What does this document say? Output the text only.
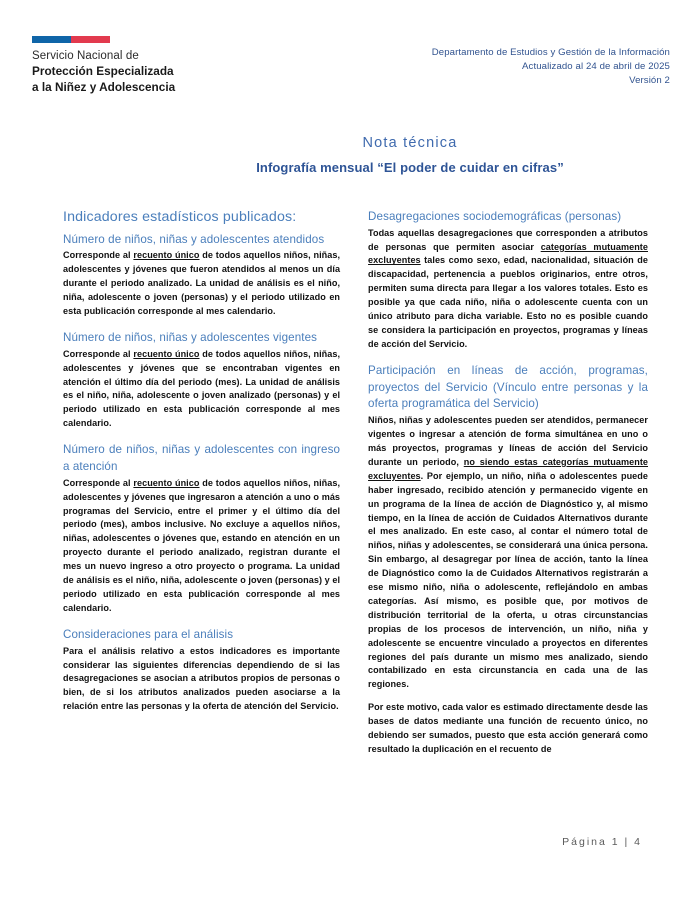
Servicio Nacional de
Protección Especializada
a la Niñez y Adolescencia
Departamento de Estudios y Gestión de la Información
Actualizado al 24 de abril de 2025
Versión 2
Nota técnica
Infografía mensual “El poder de cuidar en cifras”
Indicadores estadísticos publicados:
Número de niños, niñas y adolescentes atendidos

Corresponde al recuento único de todos aquellos niños, niñas, adolescentes y jóvenes que fueron atendidos al menos un día durante el periodo analizado. La unidad de análisis es el niño, niña, adolescente o joven (personas) y el periodo utilizado en esta publicación corresponde al mes calendario.

Número de niños, niñas y adolescentes vigentes

Corresponde al recuento único de todos aquellos niños, niñas, adolescentes y jóvenes que se encontraban vigentes en atención el último día del periodo (mes). La unidad de análisis es el niño, niña, adolescente o joven analizado (personas) y el periodo utilizado en esta publicación corresponde al mes calendario.

Número de niños, niñas y adolescentes con ingreso a atención

Corresponde al recuento único de todos aquellos niños, niñas, adolescentes y jóvenes que ingresaron a atención a uno o más programas del Servicio, entre el primer y el último día del periodo (mes), ambos inclusive. No excluye a aquellos niños, niñas, adolescentes o jóvenes que, estando en atención en un proyecto durante el periodo analizado, registran durante el mes un nuevo ingreso a otro proyecto o programa. La unidad de análisis es el niño, niña, adolescente o joven (personas) y el periodo utilizado en esta publicación corresponde al mes calendario.

Consideraciones para el análisis

Para el análisis relativo a estos indicadores es importante considerar las siguientes diferencias dependiendo de si las desagregaciones se asocian a atributos propios de personas o bien, de si los atributos analizados pueden asociarse a la relación entre las personas y la oferta de atención del Servicio.

Desagregaciones sociodemográficas (personas)

Todas aquellas desagregaciones que corresponden a atributos de personas que permiten asociar categorías mutuamente excluyentes tales como sexo, edad, nacionalidad, situación de discapacidad, pertenencia a pueblos originarios, entre otros, permiten suma directa para llegar a los valores totales. Esto es posible ya que cada niño, niña o adolescente cuenta con un único atributo para dicha variable. Esto no es posible cuando se considera la participación en proyectos, programas y líneas de acción del Servicio.

Participación en líneas de acción, programas, proyectos del Servicio (Vínculo entre personas y la oferta programática del Servicio)

Niños, niñas y adolescentes pueden ser atendidos, permanecer vigentes o ingresar a atención de forma simultánea en uno o más proyectos, programas y líneas de acción del Servicio durante un periodo, no siendo estas categorías mutuamente excluyentes. Por ejemplo, un niño, niña o adolescentes puede haber ingresado, recibido atención y permanecido vigente en un programa de la línea de acción de Diagnóstico y, al mismo tiempo, en la línea de acción de Cuidados Alternativos durante el mes analizado. En este caso, al contar el número total de niños, niñas y adolescentes, se considerará una única persona. Sin embargo, al desagregar por línea de acción, tanto la línea de Diagnóstico como la de Cuidados Alternativos registrarán a ese mismo niño, niña o adolescente, reflejándolo en ambas categorías. Así mismo, es posible que, por motivos de distribución territorial de la oferta, u otras circunstancias propias de los procesos de intervención, un niño, niña y adolescente se encuentre vinculado a proyectos en diferentes regiones del país durante un mismo mes analizado, siendo contabilizado en esta circunstancia en cada una de las regiones.

Por este motivo, cada valor es estimado directamente desde las bases de datos mediante una función de recuento único, no debiendo ser sumados, puesto que esta acción generará como resultado la duplicación en el recuento de

Página 1 | 4
